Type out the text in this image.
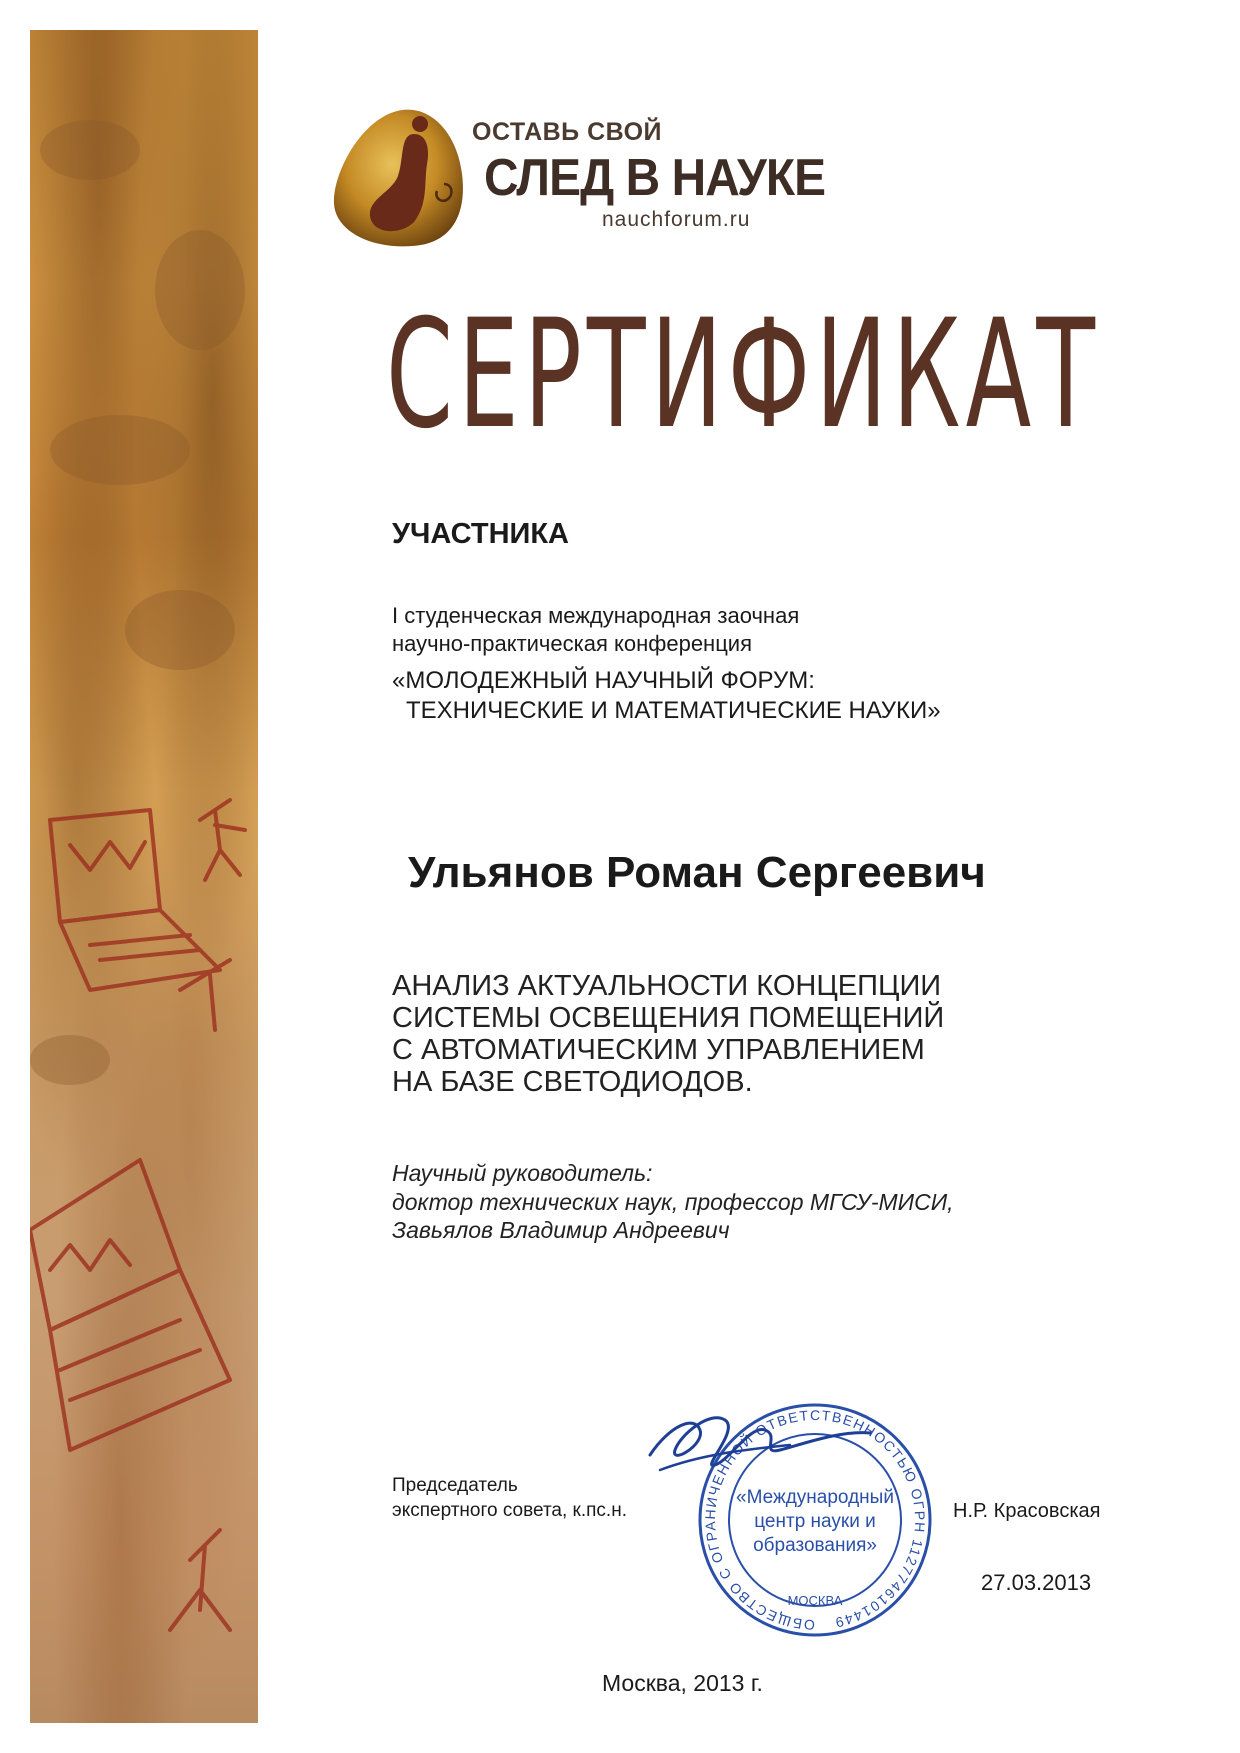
ОСТАВЬ СВОЙ
СЛЕД В НАУКЕ
nauchforum.ru
СЕРТИФИКАТ
УЧАСТНИКА
I студенческая международная заочная
научно-практическая конференция
«МОЛОДЕЖНЫЙ НАУЧНЫЙ ФОРУМ:
ТЕХНИЧЕСКИЕ И МАТЕМАТИЧЕСКИЕ НАУКИ»
Ульянов Роман Сергеевич
АНАЛИЗ АКТУАЛЬНОСТИ КОНЦЕПЦИИ
СИСТЕМЫ ОСВЕЩЕНИЯ ПОМЕЩЕНИЙ
С АВТОМАТИЧЕСКИМ УПРАВЛЕНИЕМ
НА БАЗЕ СВЕТОДИОДОВ.
Научный руководитель:
доктор технических наук, профессор МГСУ-МИСИ,
Завьялов Владимир Андреевич
Председатель
экспертного совета, к.пс.н.	Н.Р. Красовская
ОБЩЕСТВО С ОГРАНИЧЕННОЙ ОТВЕТСТВЕННОСТЬЮ ОГРН 1127746101449
«Международный
центр науки и
образования»
МОСКВА
27.03.2013
Москва, 2013 г.
